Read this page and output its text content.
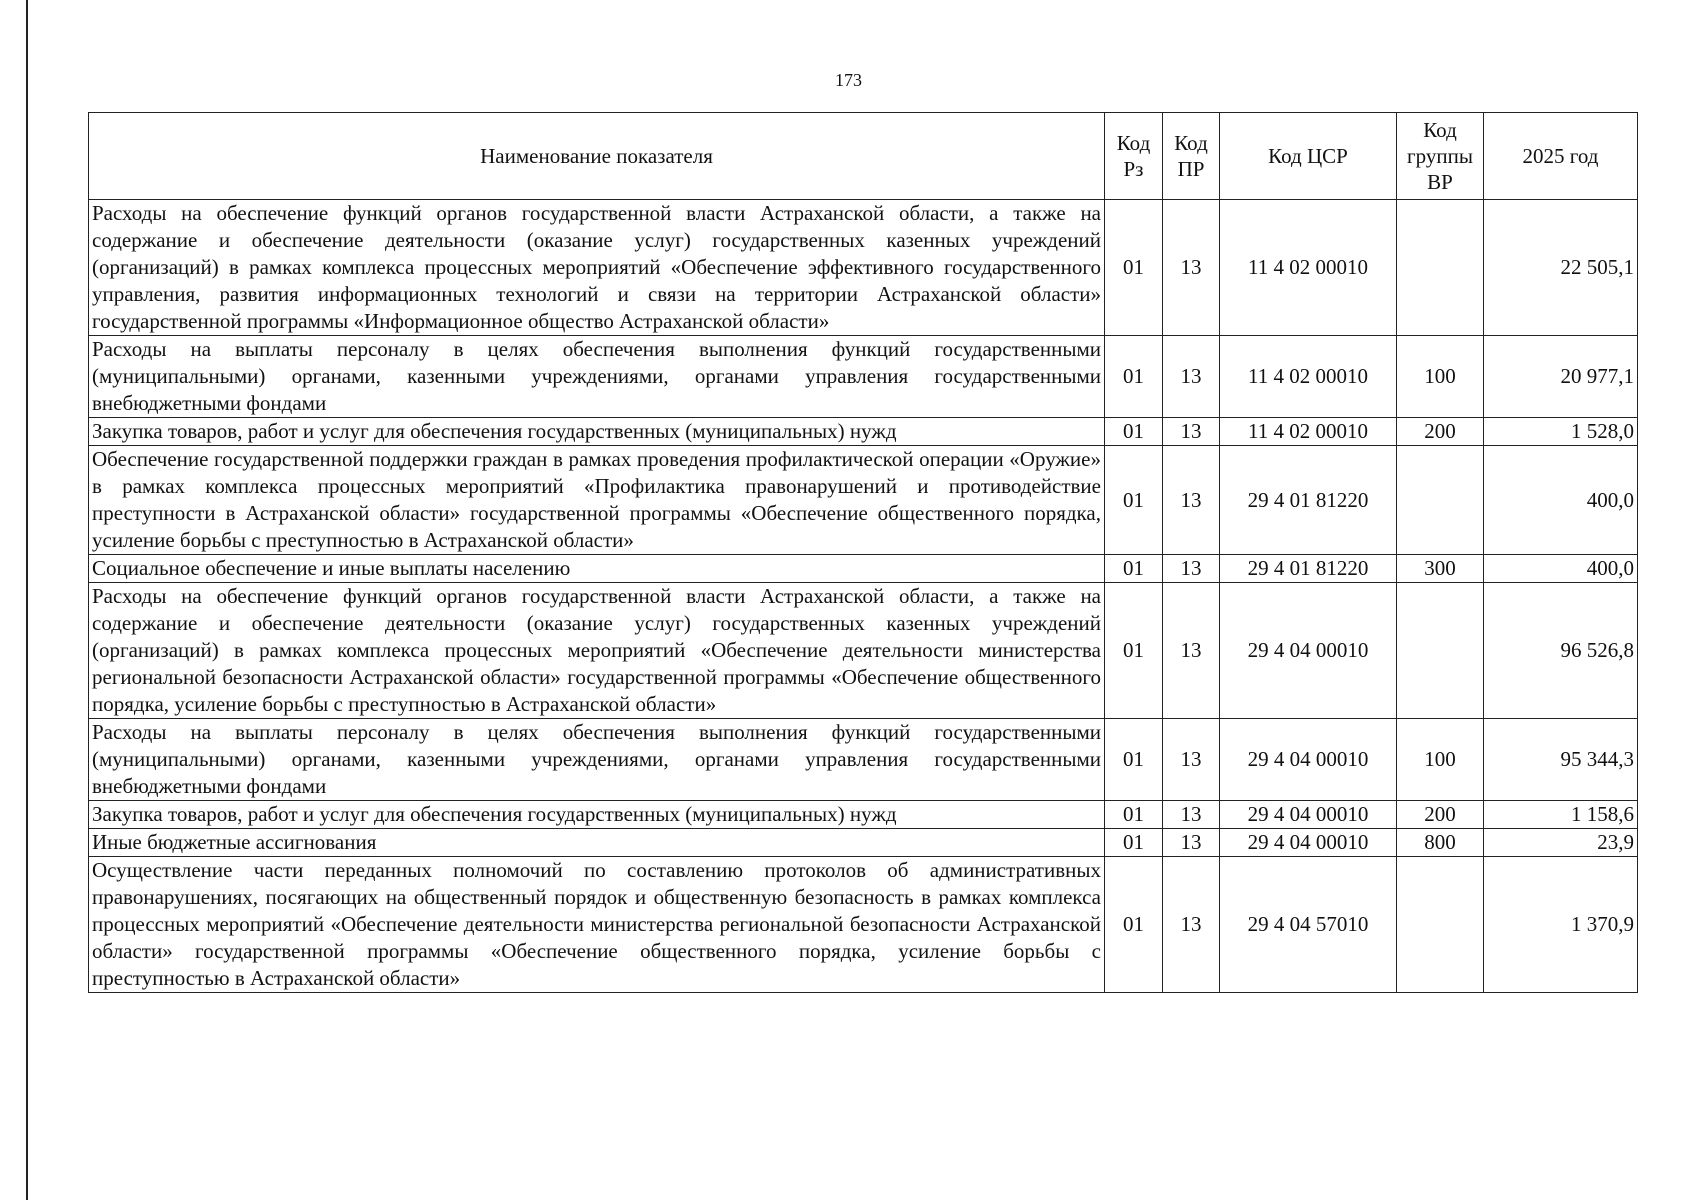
173
Наименование показателя	Код Рз	Код ПР	Код ЦСР	Код группы ВР	2025 год
Расходы на обеспечение функций органов государственной власти Астраханской области, а также на содержание и обеспечение деятельности (оказание услуг) государственных казенных учреждений (организаций) в рамках комплекса процессных мероприятий «Обеспечение эффективного государственного управления, развития информационных технологий и связи на территории Астраханской области» государственной программы «Информационное общество Астраханской области»	01	13	11 4 02 00010		22 505,1
Расходы на выплаты персоналу в целях обеспечения выполнения функций государственными (муниципальными) органами, казенными учреждениями, органами управления государственными внебюджетными фондами	01	13	11 4 02 00010	100	20 977,1
Закупка товаров, работ и услуг для обеспечения государственных (муниципальных) нужд	01	13	11 4 02 00010	200	1 528,0
Обеспечение государственной поддержки граждан в рамках проведения профилактической операции «Оружие» в рамках комплекса процессных мероприятий «Профилактика правонарушений и противодействие преступности в Астраханской области» государственной программы «Обеспечение общественного порядка, усиление борьбы с преступностью в Астраханской области»	01	13	29 4 01 81220		400,0
Социальное обеспечение и иные выплаты населению	01	13	29 4 01 81220	300	400,0
Расходы на обеспечение функций органов государственной власти Астраханской области, а также на содержание и обеспечение деятельности (оказание услуг) государственных казенных учреждений (организаций) в рамках комплекса процессных мероприятий «Обеспечение деятельности министерства региональной безопасности Астраханской области» государственной программы «Обеспечение общественного порядка, усиление борьбы с преступностью в Астраханской области»	01	13	29 4 04 00010		96 526,8
Расходы на выплаты персоналу в целях обеспечения выполнения функций государственными (муниципальными) органами, казенными учреждениями, органами управления государственными внебюджетными фондами	01	13	29 4 04 00010	100	95 344,3
Закупка товаров, работ и услуг для обеспечения государственных (муниципальных) нужд	01	13	29 4 04 00010	200	1 158,6
Иные бюджетные ассигнования	01	13	29 4 04 00010	800	23,9
Осуществление части переданных полномочий по составлению протоколов об административных правонарушениях, посягающих на общественный порядок и общественную безопасность в рамках комплекса процессных мероприятий «Обеспечение деятельности министерства региональной безопасности Астраханской области» государственной программы «Обеспечение общественного порядка, усиление борьбы с преступностью в Астраханской области»	01	13	29 4 04 57010		1 370,9
